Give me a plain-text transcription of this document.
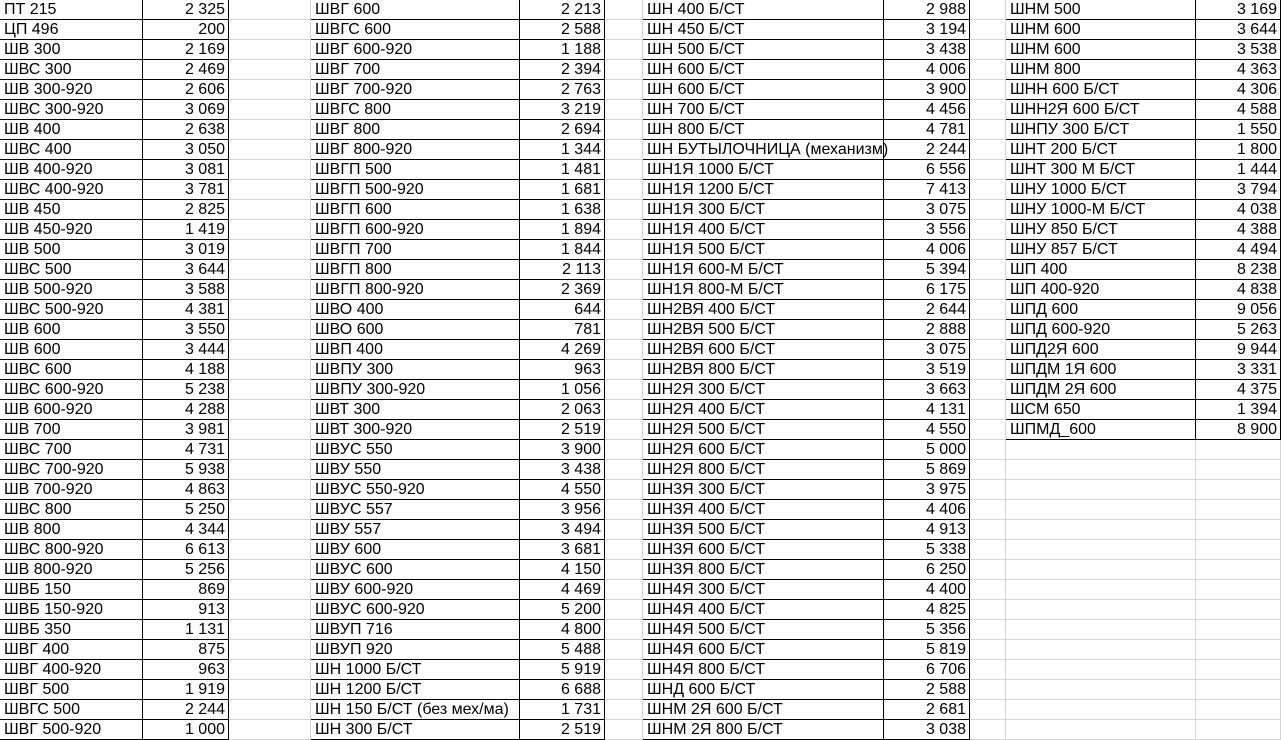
ПТ 215	2 325
ЦП 496	200
ШВ 300	2 169
ШВС 300	2 469
ШВ 300-920	2 606
ШВС 300-920	3 069
ШВ 400	2 638
ШВС 400	3 050
ШВ 400-920	3 081
ШВС 400-920	3 781
ШВ 450	2 825
ШВ 450-920	1 419
ШВ 500	3 019
ШВС 500	3 644
ШВ 500-920	3 588
ШВС 500-920	4 381
ШВ 600	3 550
ШВ 600	3 444
ШВС 600	4 188
ШВС 600-920	5 238
ШВ 600-920	4 288
ШВ 700	3 981
ШВС 700	4 731
ШВС 700-920	5 938
ШВ 700-920	4 863
ШВС 800	5 250
ШВ 800	4 344
ШВС 800-920	6 613
ШВ 800-920	5 256
ШВБ 150	869
ШВБ 150-920	913
ШВБ 350	1 131
ШВГ 400	875
ШВГ 400-920	963
ШВГ 500	1 919
ШВГС 500	2 244
ШВГ 500-920	1 000
ШВГ 600	2 213
ШВГС 600	2 588
ШВГ 600-920	1 188
ШВГ 700	2 394
ШВГ 700-920	2 763
ШВГС 800	3 219
ШВГ 800	2 694
ШВГ 800-920	1 344
ШВГП 500	1 481
ШВГП 500-920	1 681
ШВГП 600	1 638
ШВГП 600-920	1 894
ШВГП 700	1 844
ШВГП 800	2 113
ШВГП 800-920	2 369
ШВО 400	644
ШВО 600	781
ШВП 400	4 269
ШВПУ 300	963
ШВПУ 300-920	1 056
ШВТ 300	2 063
ШВТ 300-920	2 519
ШВУС 550	3 900
ШВУ 550	3 438
ШВУС 550-920	4 550
ШВУС 557	3 956
ШВУ 557	3 494
ШВУ 600	3 681
ШВУС 600	4 150
ШВУ 600-920	4 469
ШВУС 600-920	5 200
ШВУП 716	4 800
ШВУП 920	5 488
ШН 1000 Б/СТ	5 919
ШН 1200 Б/СТ	6 688
ШН 150 Б/СТ (без мех/ма)	1 731
ШН 300 Б/СТ	2 519
ШН 400 Б/СТ	2 988
ШН 450 Б/СТ	3 194
ШН 500 Б/СТ	3 438
ШН 600 Б/СТ	4 006
ШН 600 Б/СТ	3 900
ШН 700 Б/СТ	4 456
ШН 800 Б/СТ	4 781
ШН БУТЫЛОЧНИЦА (механизм)	2 244
ШН1Я 1000 Б/СТ	6 556
ШН1Я 1200 Б/СТ	7 413
ШН1Я 300 Б/СТ	3 075
ШН1Я 400 Б/СТ	3 556
ШН1Я 500 Б/СТ	4 006
ШН1Я 600-М Б/СТ	5 394
ШН1Я 800-М Б/СТ	6 175
ШН2ВЯ 400 Б/СТ	2 644
ШН2ВЯ 500 Б/СТ	2 888
ШН2ВЯ 600 Б/СТ	3 075
ШН2ВЯ 800 Б/СТ	3 519
ШН2Я 300 Б/СТ	3 663
ШН2Я 400 Б/СТ	4 131
ШН2Я 500 Б/СТ	4 550
ШН2Я 600 Б/СТ	5 000
ШН2Я 800 Б/СТ	5 869
ШН3Я 300 Б/СТ	3 975
ШН3Я 400 Б/СТ	4 406
ШН3Я 500 Б/СТ	4 913
ШН3Я 600 Б/СТ	5 338
ШН3Я 800 Б/СТ	6 250
ШН4Я 300 Б/СТ	4 400
ШН4Я 400 Б/СТ	4 825
ШН4Я 500 Б/СТ	5 356
ШН4Я 600 Б/СТ	5 819
ШН4Я 800 Б/СТ	6 706
ШНД 600 Б/СТ	2 588
ШНМ 2Я 600 Б/СТ	2 681
ШНМ 2Я 800 Б/СТ	3 038
ШНМ 500	3 169
ШНМ 600	3 644
ШНМ 600	3 538
ШНМ 800	4 363
ШНН 600 Б/СТ	4 306
ШНН2Я 600 Б/СТ	4 588
ШНПУ 300 Б/СТ	1 550
ШНТ 200 Б/СТ	1 800
ШНТ 300 М Б/СТ	1 444
ШНУ 1000 Б/СТ	3 794
ШНУ 1000-М Б/СТ	4 038
ШНУ 850 Б/СТ	4 388
ШНУ 857 Б/СТ	4 494
ШП 400	8 238
ШП 400-920	4 838
ШПД 600	9 056
ШПД 600-920	5 263
ШПД2Я 600	9 944
ШПДМ 1Я 600	3 331
ШПДМ 2Я 600	4 375
ШСМ 650	1 394
ШПМД_600	8 900
